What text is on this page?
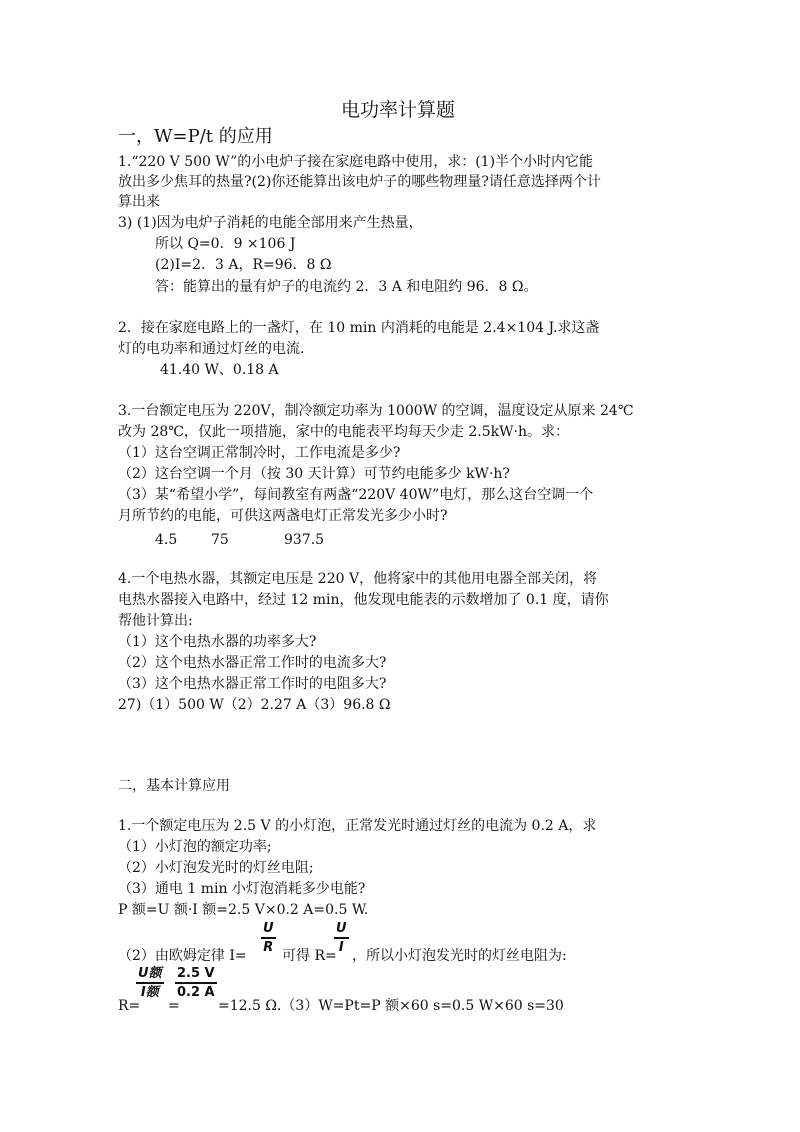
电功率计算题
一，W=P/t 的应用
1.“220 V 500 W”的小电炉子接在家庭电路中使用，求：(1)半个小时内它能
放出多少焦耳的热量?(2)你还能算出该电炉子的哪些物理量?请任意选择两个计
算出来
3) (1)因为电炉子消耗的电能全部用来产生热量，
所以 Q=0．9 ×106 J
(2)I=2．3 A，R=96．8 Ω
答：能算出的量有炉子的电流约 2．3 A 和电阻约 96．8 Ω。
2．接在家庭电路上的一盏灯，在 10 min 内消耗的电能是 2.4×104 J.求这盏
灯的电功率和通过灯丝的电流.
41.40 W、0.18 A
3.一台额定电压为 220V，制冷额定功率为 1000W 的空调，温度设定从原来 24℃
改为 28℃，仅此一项措施，家中的电能表平均每天少走 2.5kW·h。求：
（1）这台空调正常制冷时，工作电流是多少?
（2）这台空调一个月（按 30 天计算）可节约电能多少 kW·h?
（3）某“希望小学”，每间教室有两盏“220V 40W”电灯，那么这台空调一个
月所节约的电能，可供这两盏电灯正常发光多少小时?
4.5 75	937.5
4.一个电热水器，其额定电压是 220 V，他将家中的其他用电器全部关闭，将
电热水器接入电路中，经过 12 min，他发现电能表的示数增加了 0.1 度，请你
帮他计算出:
（1）这个电热水器的功率多大?
（2）这个电热水器正常工作时的电流多大?
（3）这个电热水器正常工作时的电阻多大?
27)（1）500 W（2）2.27 A（3）96.8 Ω
二，基本计算应用
1.一个额定电压为 2.5 V 的小灯泡，正常发光时通过灯丝的电流为 0.2 A，求
（1）小灯泡的额定功率;
（2）小灯泡发光时的灯丝电阻;
（3）通电 1 min 小灯泡消耗多少电能?
P 额=U 额·I 额=2.5 V×0.2 A=0.5 W.
（2）由欧姆定律 I=
U
R
可得 R=
U
I
，所以小灯泡发光时的灯丝电阻为:
R=
U额
I额
=
2.5 V
0.2 A
=12.5 Ω.（3）W=Pt=P 额×60 s=0.5 W×60 s=30
